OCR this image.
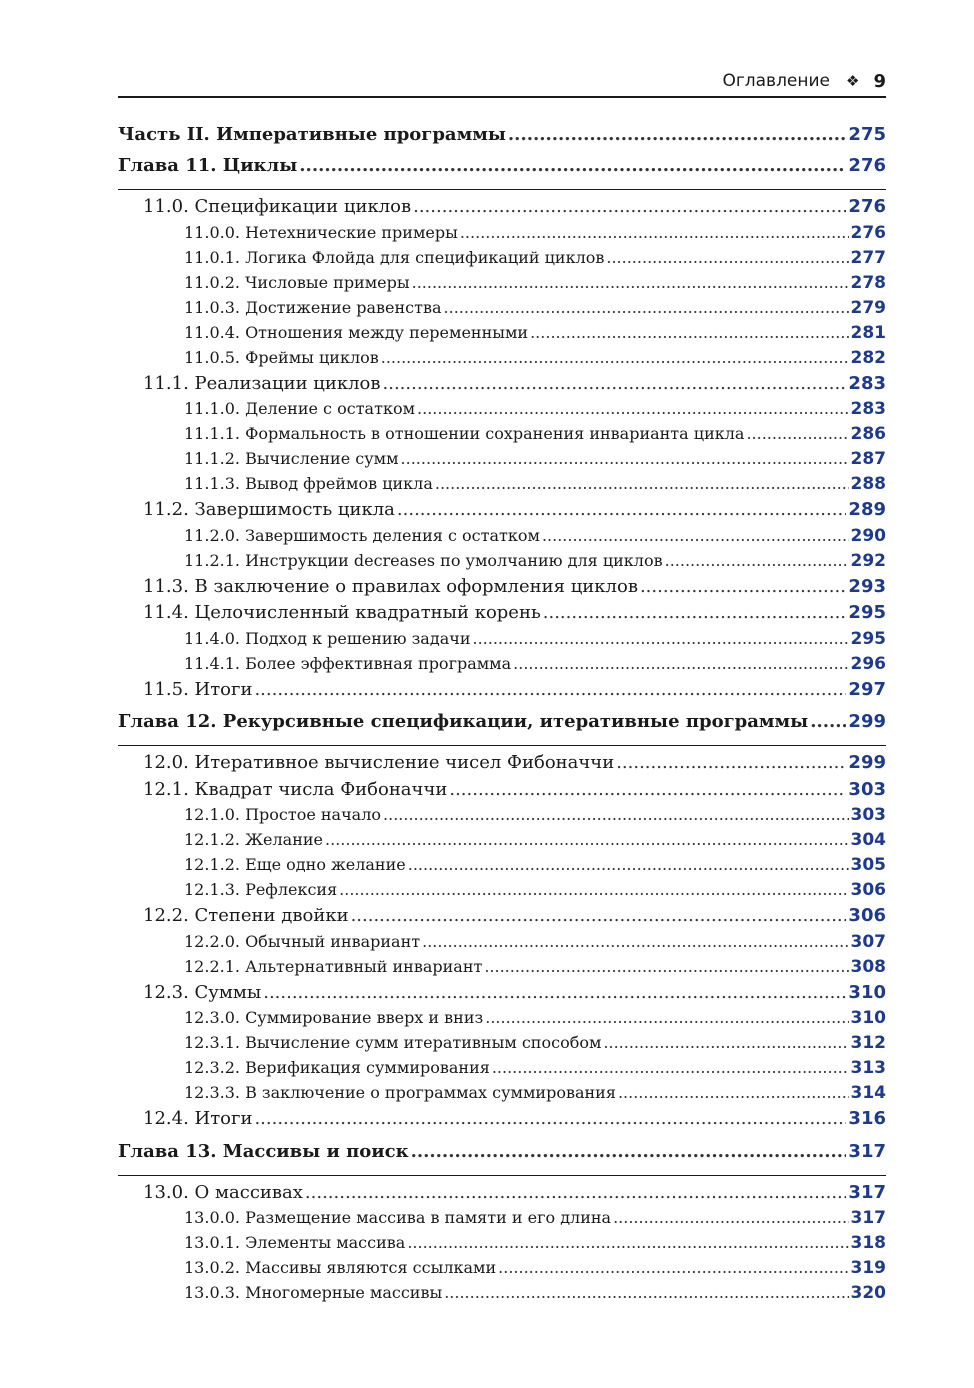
Оглавление ❖ 9
Часть II. Императивные программы .....	275
Глава 11. Циклы .....	276
11.0. Спецификации циклов .....	276
11.0.0. Нетехнические примеры .....	276
11.0.1. Логика Флойда для спецификаций циклов .....	277
11.0.2. Числовые примеры .....	278
11.0.3. Достижение равенства .....	279
11.0.4. Отношения между переменными .....	281
11.0.5. Фреймы циклов .....	282
11.1. Реализации циклов .....	283
11.1.0. Деление с остатком .....	283
11.1.1. Формальность в отношении сохранения инварианта цикла .....	286
11.1.2. Вычисление сумм .....	287
11.1.3. Вывод фреймов цикла .....	288
11.2. Завершимость цикла .....	289
11.2.0. Завершимость деления с остатком .....	290
11.2.1. Инструкции decreases по умолчанию для циклов .....	292
11.3. В заключение о правилах оформления циклов .....	293
11.4. Целочисленный квадратный корень .....	295
11.4.0. Подход к решению задачи .....	295
11.4.1. Более эффективная программа .....	296
11.5. Итоги .....	297
Глава 12. Рекурсивные спецификации, итеративные программы ..... 299
12.0. Итеративное вычисление чисел Фибоначчи .....	299
12.1. Квадрат числа Фибоначчи .....	303
12.1.0. Простое начало .....	303
12.1.2. Желание .....	304
12.1.2. Еще одно желание .....	305
12.1.3. Рефлексия .....	306
12.2. Степени двойки .....	306
12.2.0. Обычный инвариант .....	307
12.2.1. Альтернативный инвариант .....	308
12.3. Суммы .....	310
12.3.0. Суммирование вверх и вниз .....	310
12.3.1. Вычисление сумм итеративным способом .....	312
12.3.2. Верификация суммирования .....	313
12.3.3. В заключение о программах суммирования .....	314
12.4. Итоги .....	316
Глава 13. Массивы и поиск .....	317
13.0. О массивах .....	317
13.0.0. Размещение массива в памяти и его длина .....	317
13.0.1. Элементы массива .....	318
13.0.2. Массивы являются ссылками .....	319
13.0.3. Многомерные массивы .....	320
